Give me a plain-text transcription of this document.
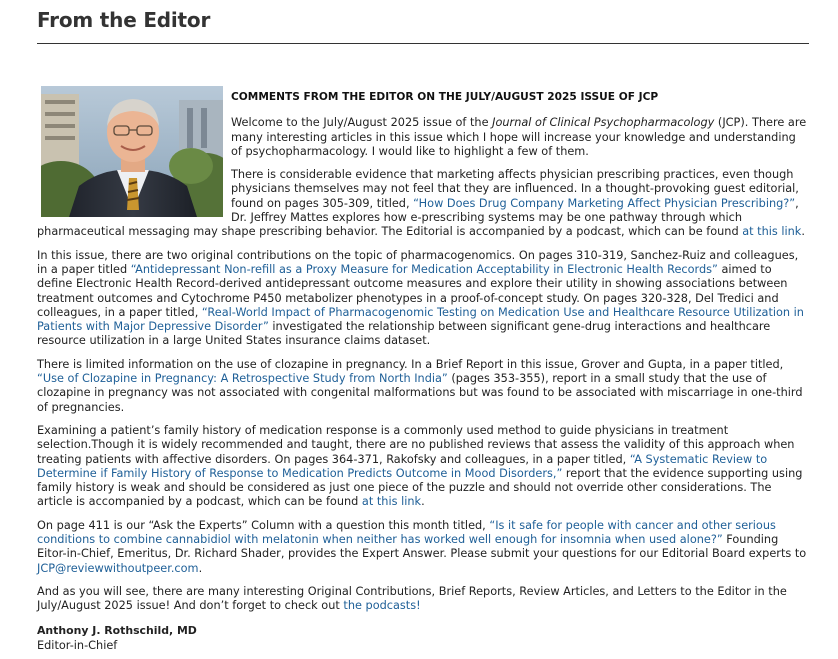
From the Editor
COMMENTS FROM THE EDITOR ON THE JULY/AUGUST 2025 ISSUE OF JCP

Welcome to the July/August 2025 issue of the Journal of Clinical Psychopharmacology (JCP). There are many interesting articles in this issue which I hope will increase your knowledge and understanding of psychopharmacology. I would like to highlight a few of them.

There is considerable evidence that marketing affects physician prescribing practices, even though physicians themselves may not feel that they are influenced. In a thought-provoking guest editorial, found on pages 305-309, titled, “How Does Drug Company Marketing Affect Physician Prescribing?”, Dr. Jeffrey Mattes explores how e-prescribing systems may be one pathway through which pharmaceutical messaging may shape prescribing behavior. The Editorial is accompanied by a podcast, which can be found at this link.

In this issue, there are two original contributions on the topic of pharmacogenomics. On pages 310-319, Sanchez-Ruiz and colleagues, in a paper titled “Antidepressant Non-refill as a Proxy Measure for Medication Acceptability in Electronic Health Records” aimed to define Electronic Health Record-derived antidepressant outcome measures and explore their utility in showing associations between treatment outcomes and Cytochrome P450 metabolizer phenotypes in a proof-of-concept study. On pages 320-328, Del Tredici and colleagues, in a paper titled, “Real-World Impact of Pharmacogenomic Testing on Medication Use and Healthcare Resource Utilization in Patients with Major Depressive Disorder” investigated the relationship between significant gene-drug interactions and healthcare resource utilization in a large United States insurance claims dataset.

There is limited information on the use of clozapine in pregnancy. In a Brief Report in this issue, Grover and Gupta, in a paper titled, “Use of Clozapine in Pregnancy: A Retrospective Study from North India” (pages 353-355), report in a small study that the use of clozapine in pregnancy was not associated with congenital malformations but was found to be associated with miscarriage in one-third of pregnancies.

Examining a patient’s family history of medication response is a commonly used method to guide physicians in treatment selection.Though it is widely recommended and taught, there are no published reviews that assess the validity of this approach when treating patients with affective disorders. On pages 364-371, Rakofsky and colleagues, in a paper titled, “A Systematic Review to Determine if Family History of Response to Medication Predicts Outcome in Mood Disorders,” report that the evidence supporting using family history is weak and should be considered as just one piece of the puzzle and should not override other considerations. The article is accompanied by a podcast, which can be found at this link.

On page 411 is our “Ask the Experts” Column with a question this month titled, “Is it safe for people with cancer and other serious conditions to combine cannabidiol with melatonin when neither has worked well enough for insomnia when used alone?” Founding Eitor-in-Chief, Emeritus, Dr. Richard Shader, provides the Expert Answer. Please submit your questions for our Editorial Board experts to JCP@reviewwithoutpeer.com.

And as you will see, there are many interesting Original Contributions, Brief Reports, Review Articles, and Letters to the Editor in the July/August 2025 issue! And don’t forget to check out the podcasts!

Anthony J. Rothschild, MD
Editor-in-Chief
